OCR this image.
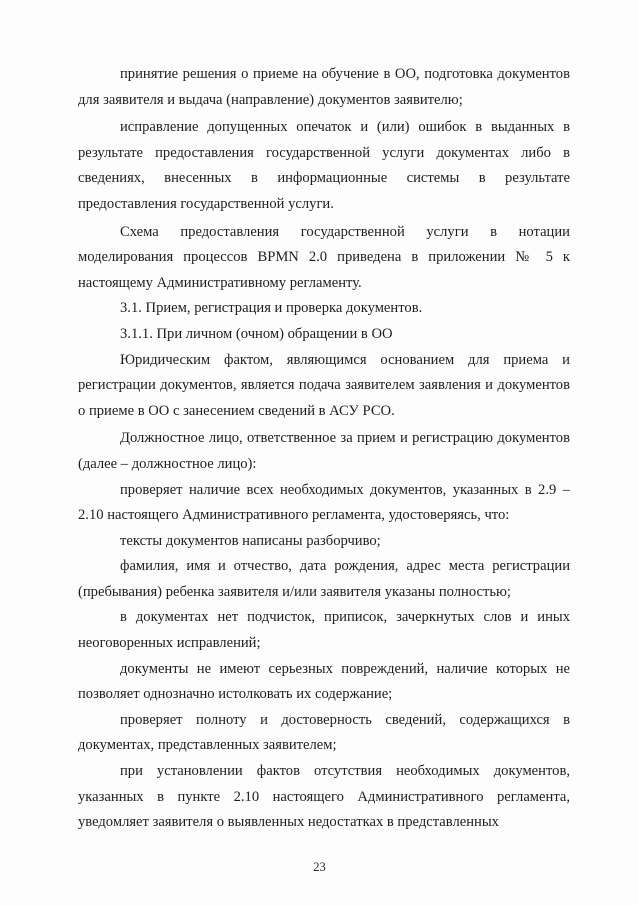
принятие решения о приеме на обучение в ОО, подготовка документов для заявителя и выдача (направление) документов заявителю;

исправление допущенных опечаток и (или) ошибок в выданных в результате предоставления государственной услуги документах либо в сведениях, внесенных в информационные системы в результате предоставления государственной услуги.

Схема предоставления государственной услуги в нотации моделирования процессов BPMN 2.0 приведена в приложении № 5 к настоящему Административному регламенту.

3.1. Прием, регистрация и проверка документов.

3.1.1. При личном (очном) обращении в ОО

Юридическим фактом, являющимся основанием для приема и регистрации документов, является подача заявителем заявления и документов о приеме в ОО с занесением сведений в АСУ РСО.

Должностное лицо, ответственное за прием и регистрацию документов (далее – должностное лицо):

проверяет наличие всех необходимых документов, указанных в 2.9 – 2.10 настоящего Административного регламента, удостоверяясь, что:

тексты документов написаны разборчиво;

фамилия, имя и отчество, дата рождения, адрес места регистрации (пребывания) ребенка заявителя и/или заявителя указаны полностью;

в документах нет подчисток, приписок, зачеркнутых слов и иных неоговоренных исправлений;

документы не имеют серьезных повреждений, наличие которых не позволяет однозначно истолковать их содержание;

проверяет полноту и достоверность сведений, содержащихся в документах, представленных заявителем;

при установлении фактов отсутствия необходимых документов, указанных в пункте 2.10 настоящего Административного регламента, уведомляет заявителя о выявленных недостатках в представленных

23
